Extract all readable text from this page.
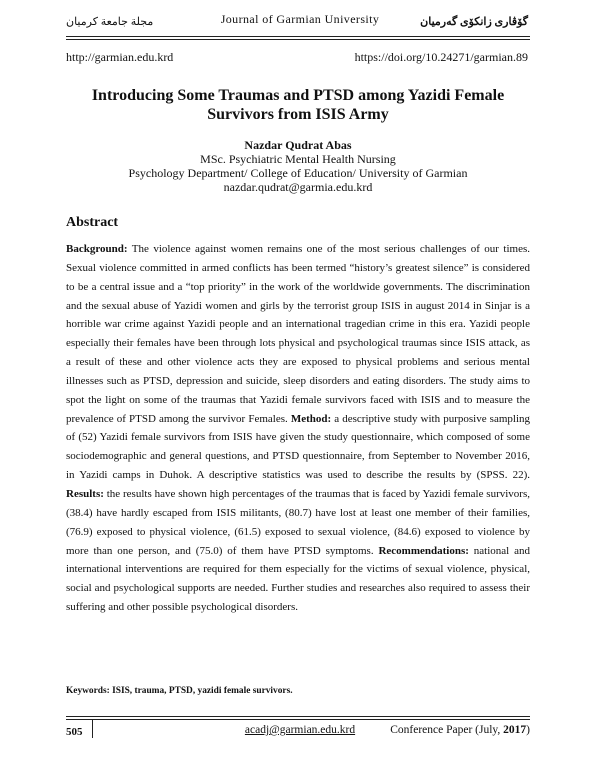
مجلة جامعة كرميان	Journal of Garmian University	گۆڤاری زانکۆی گەرمیان
http://garmian.edu.krd	https://doi.org/10.24271/garmian.89
Introducing Some Traumas and PTSD among Yazidi Female
Survivors from ISIS Army
Nazdar Qudrat Abas
MSc. Psychiatric Mental Health Nursing
Psychology Department/ College of Education/ University of Garmian
nazdar.qudrat@garmia.edu.krd
Abstract
Background: The violence against women remains one of the most serious challenges of our times. Sexual violence committed in armed conflicts has been termed “history’s greatest silence” is considered to be a central issue and a “top priority” in the work of the worldwide governments. The discrimination and the sexual abuse of Yazidi women and girls by the terrorist group ISIS in august 2014 in Sinjar is a horrible war crime against Yazidi people and an international tragedian crime in this era. Yazidi people especially their females have been through lots physical and psychological traumas since ISIS attack, as a result of these and other violence acts they are exposed to physical problems and serious mental illnesses such as PTSD, depression and suicide, sleep disorders and eating disorders. The study aims to spot the light on some of the traumas that Yazidi female survivors faced with ISIS and to measure the prevalence of PTSD among the survivor Females. Method: a descriptive study with purposive sampling of (52) Yazidi female survivors from ISIS have given the study questionnaire, which composed of some sociodemographic and general questions, and PTSD questionnaire, from September to November 2016, in Yazidi camps in Duhok. A descriptive statistics was used to describe the results by (SPSS. 22). Results: the results have shown high percentages of the traumas that is faced by Yazidi female survivors, (38.4) have hardly escaped from ISIS militants, (80.7) have lost at least one member of their families, (76.9) exposed to physical violence, (61.5) exposed to sexual violence, (84.6) exposed to violence by more than one person, and (75.0) of them have PTSD symptoms. Recommendations: national and international interventions are required for them especially for the victims of sexual violence, physical, social and psychological supports are needed. Further studies and researches also required to assess their suffering and other possible psychological disorders.
Keywords: ISIS, trauma, PTSD, yazidi female survivors.
505	acadj@garmian.edu.krd	Conference Paper (July, 2017)
